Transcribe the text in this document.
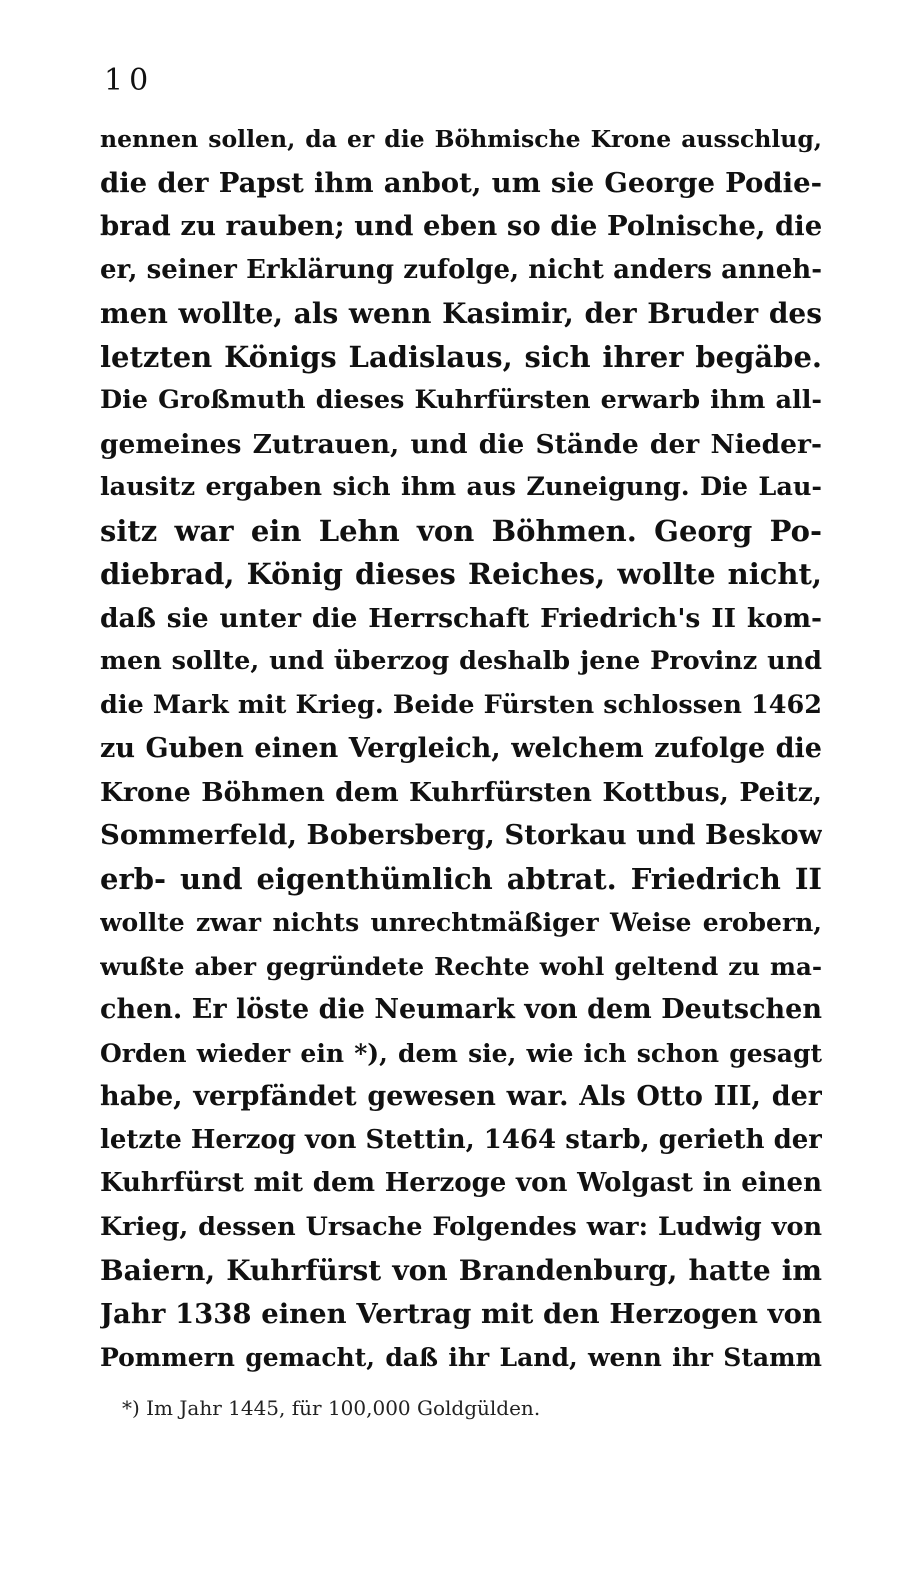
10
nennen sollen, da er die Böhmische Krone ausschlug,
die der Papst ihm anbot, um sie George Podie-
brad zu rauben; und eben so die Polnische, die
er, seiner Erklärung zufolge, nicht anders anneh-
men wollte, als wenn Kasimir, der Bruder des
letzten Königs Ladislaus, sich ihrer begäbe.
Die Großmuth dieses Kuhrfürsten erwarb ihm all-
gemeines Zutrauen, und die Stände der Nieder-
lausitz ergaben sich ihm aus Zuneigung. Die Lau-
sitz war ein Lehn von Böhmen. Georg Po-
diebrad, König dieses Reiches, wollte nicht,
daß sie unter die Herrschaft Friedrich's II kom-
men sollte, und überzog deshalb jene Provinz und
die Mark mit Krieg. Beide Fürsten schlossen 1462
zu Guben einen Vergleich, welchem zufolge die
Krone Böhmen dem Kuhrfürsten Kottbus, Peitz,
Sommerfeld, Bobersberg, Storkau und Beskow
erb- und eigenthümlich abtrat. Friedrich II
wollte zwar nichts unrechtmäßiger Weise erobern,
wußte aber gegründete Rechte wohl geltend zu ma-
chen. Er löste die Neumark von dem Deutschen
Orden wieder ein *), dem sie, wie ich schon gesagt
habe, verpfändet gewesen war. Als Otto III, der
letzte Herzog von Stettin, 1464 starb, gerieth der
Kuhrfürst mit dem Herzoge von Wolgast in einen
Krieg, dessen Ursache Folgendes war: Ludwig von
Baiern, Kuhrfürst von Brandenburg, hatte im
Jahr 1338 einen Vertrag mit den Herzogen von
Pommern gemacht, daß ihr Land, wenn ihr Stamm
*) Im Jahr 1445, für 100,000 Goldgülden.
